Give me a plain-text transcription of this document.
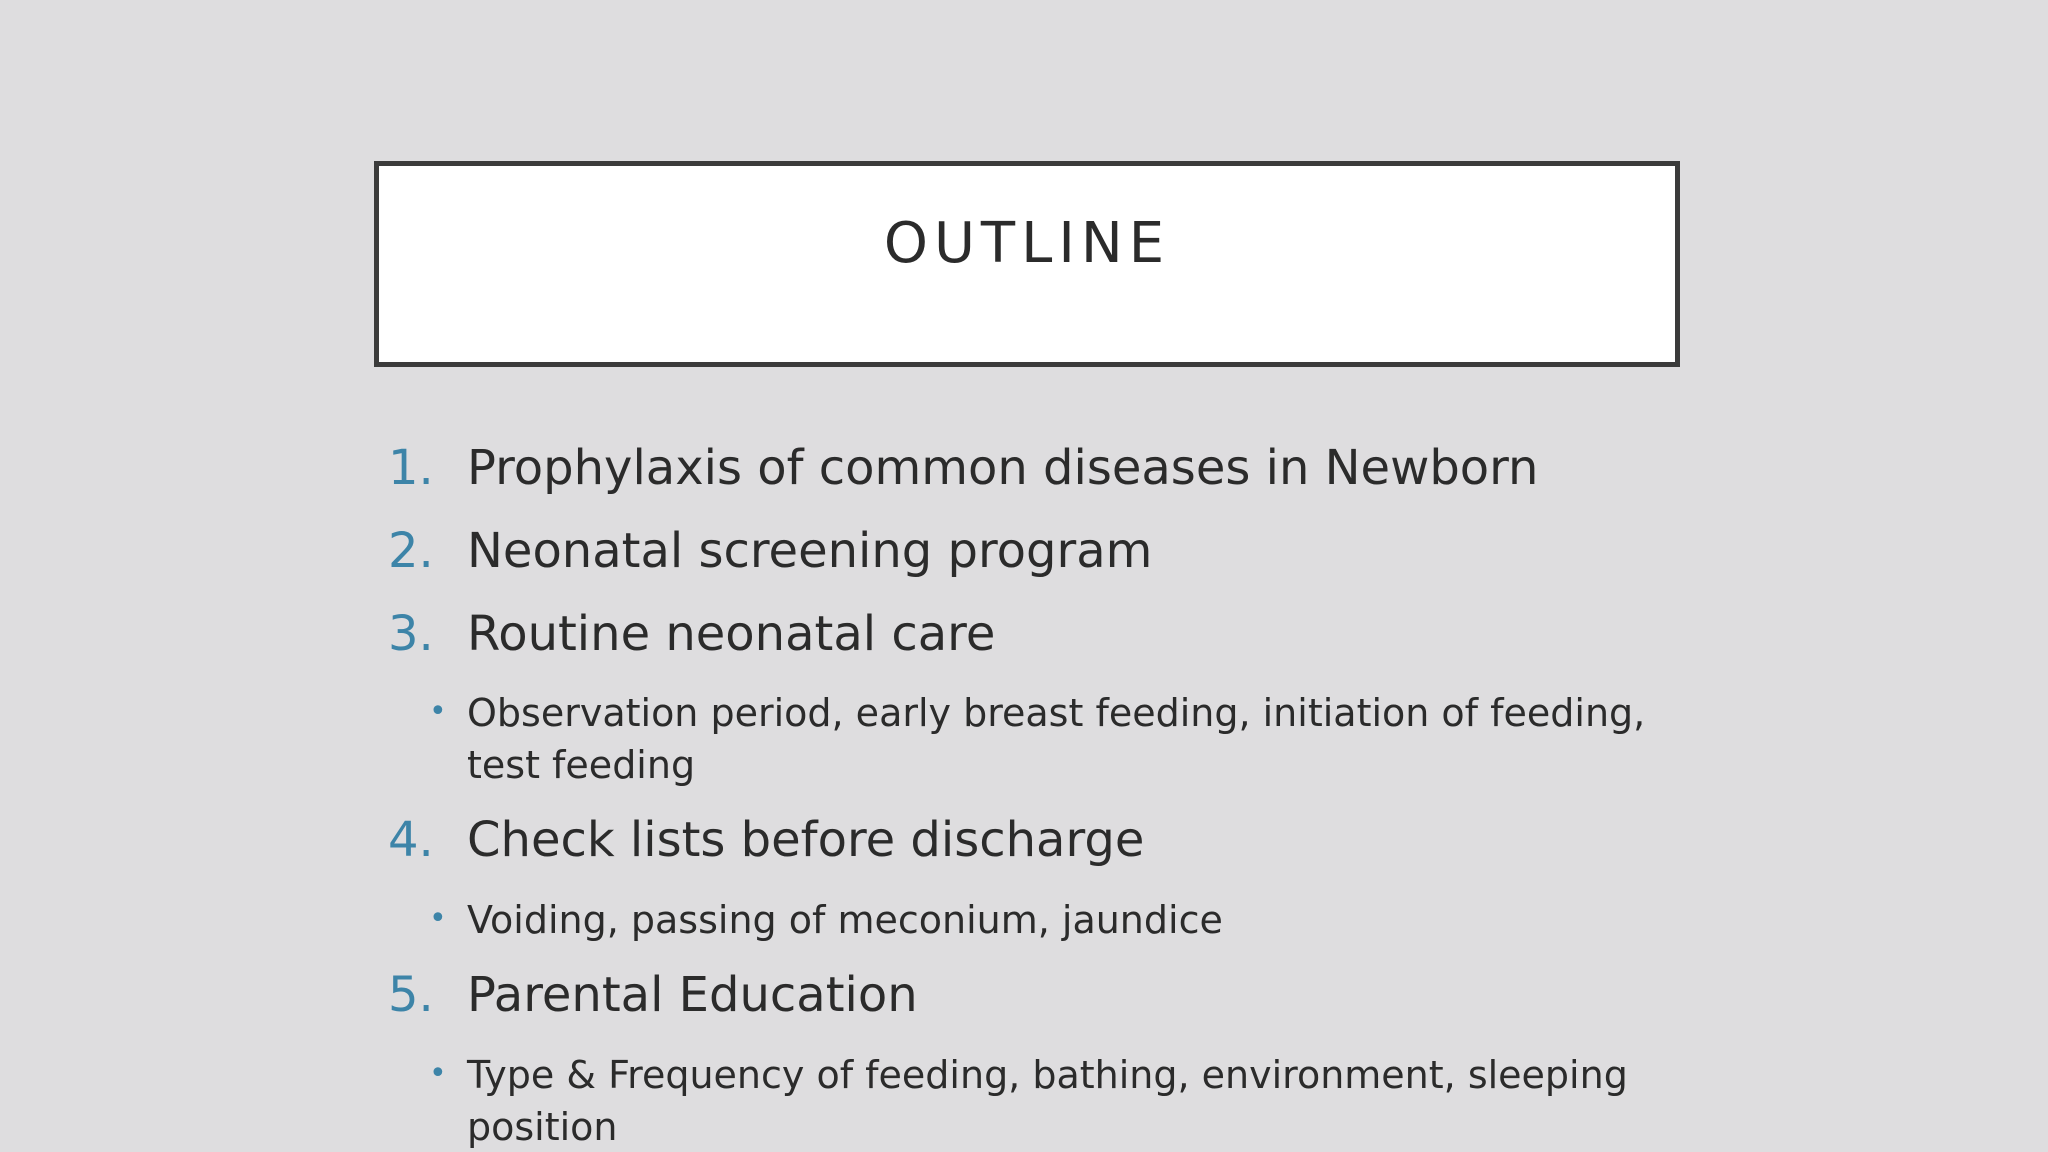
OUTLINE
1. Prophylaxis of common diseases in Newborn
2. Neonatal screening program
3. Routine neonatal care
• Observation period, early breast feeding, initiation of feeding, test feeding
4. Check lists before discharge
• Voiding, passing of meconium, jaundice
5. Parental Education
• Type & Frequency of feeding, bathing, environment, sleeping position
